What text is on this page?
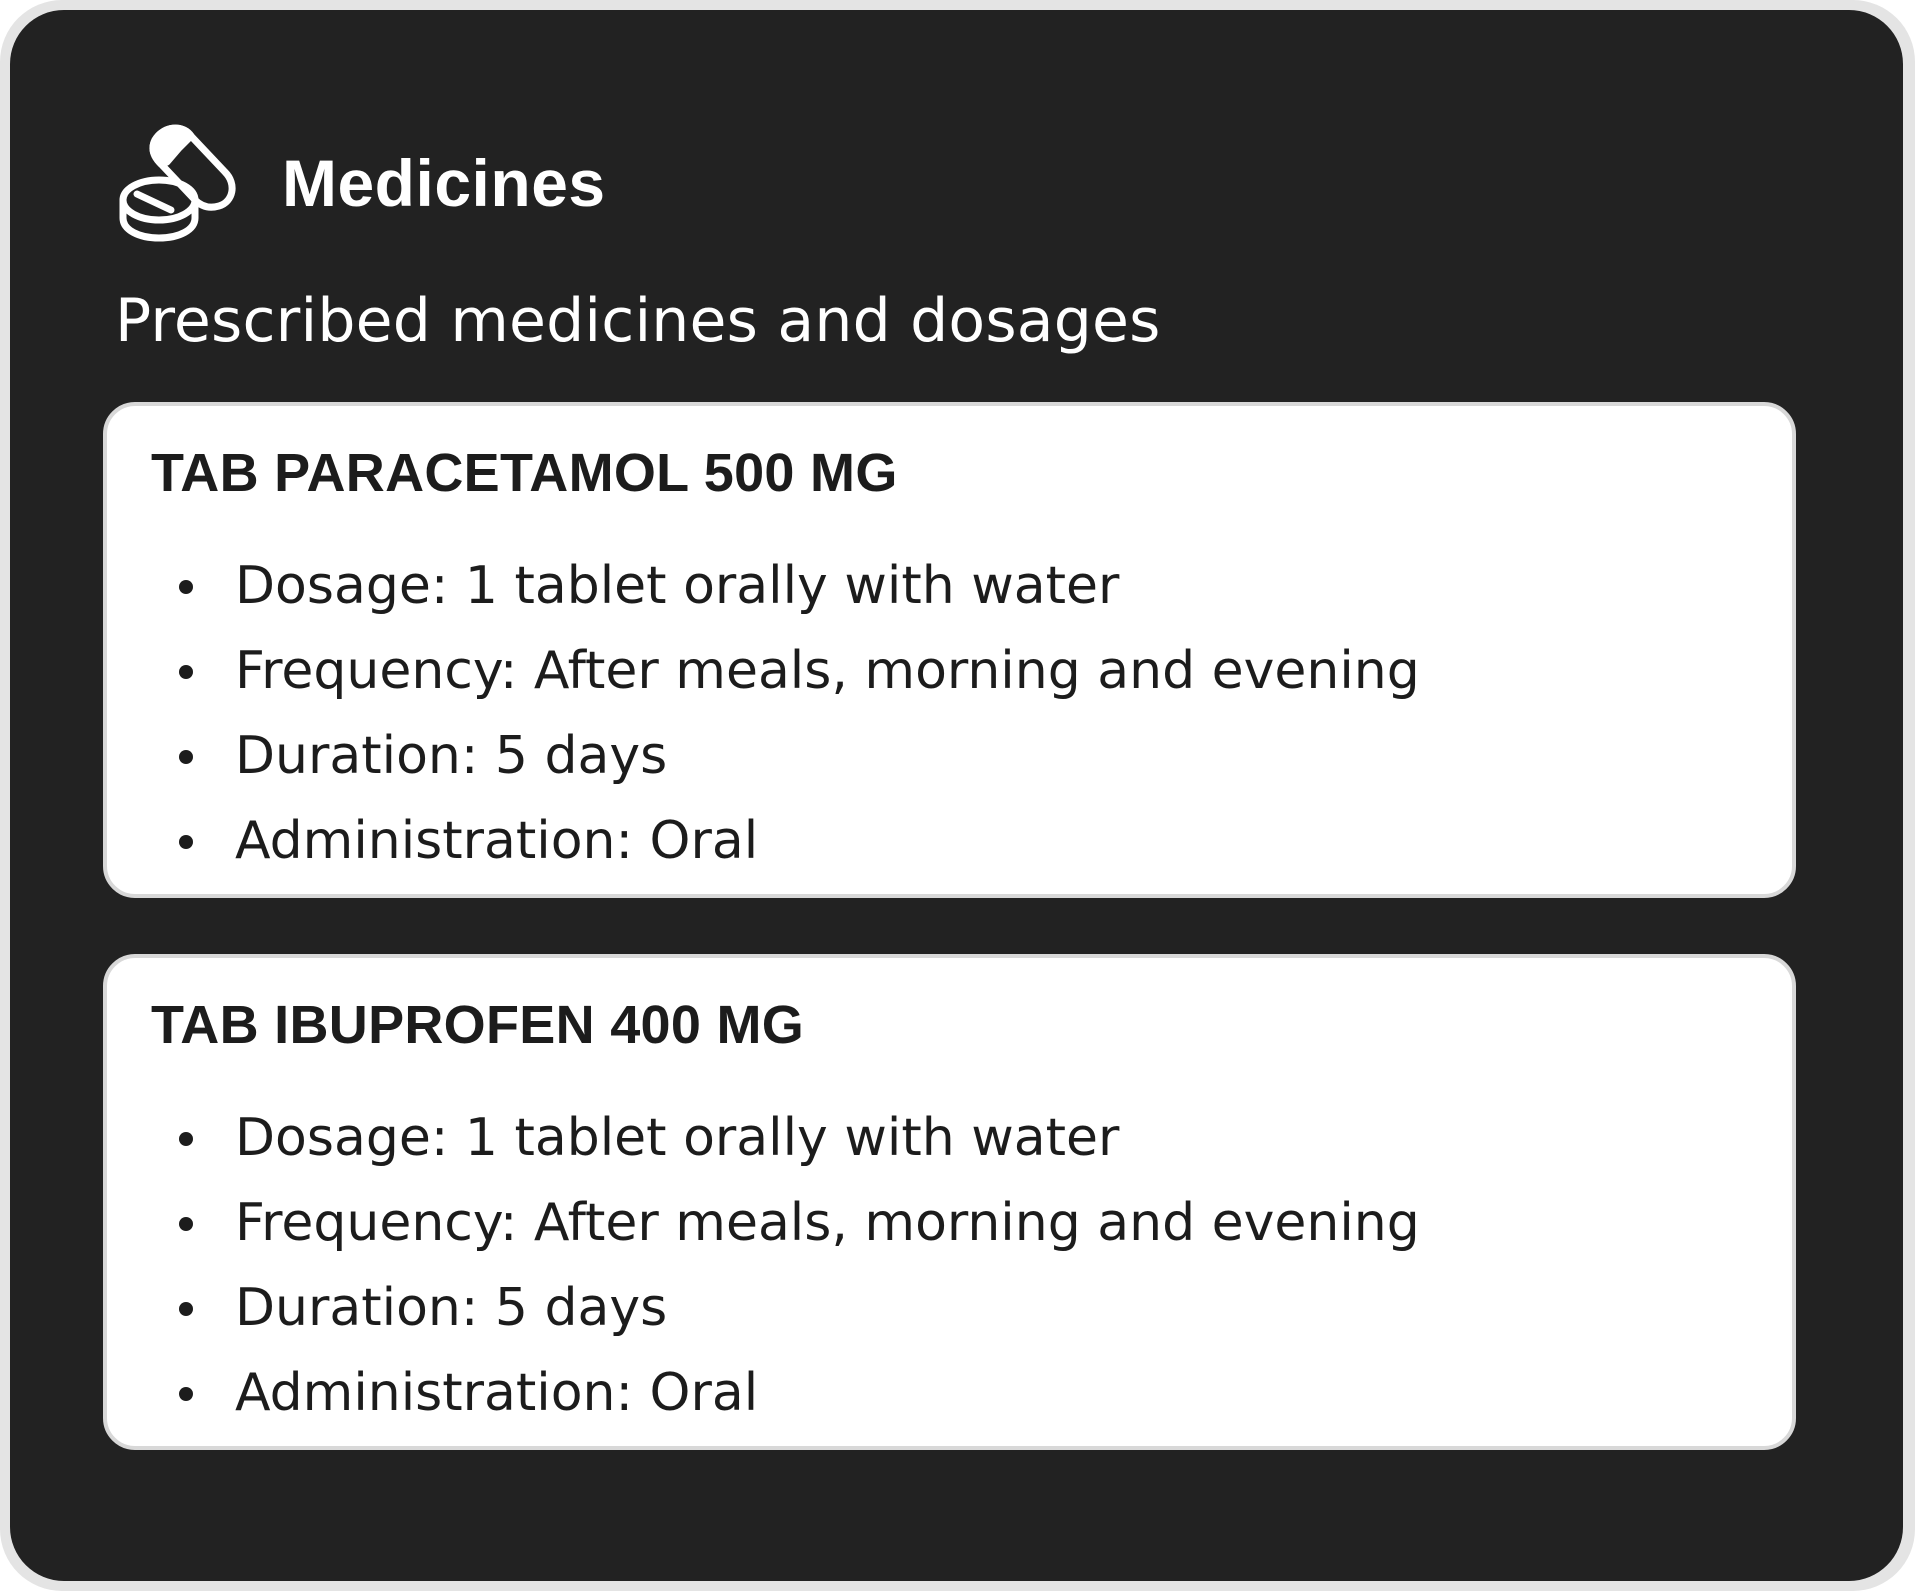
Medicines
Prescribed medicines and dosages
TAB PARACETAMOL 500 MG
Dosage: 1 tablet orally with water
Frequency: After meals, morning and evening
Duration: 5 days
Administration: Oral
TAB IBUPROFEN 400 MG
Dosage: 1 tablet orally with water
Frequency: After meals, morning and evening
Duration: 5 days
Administration: Oral
